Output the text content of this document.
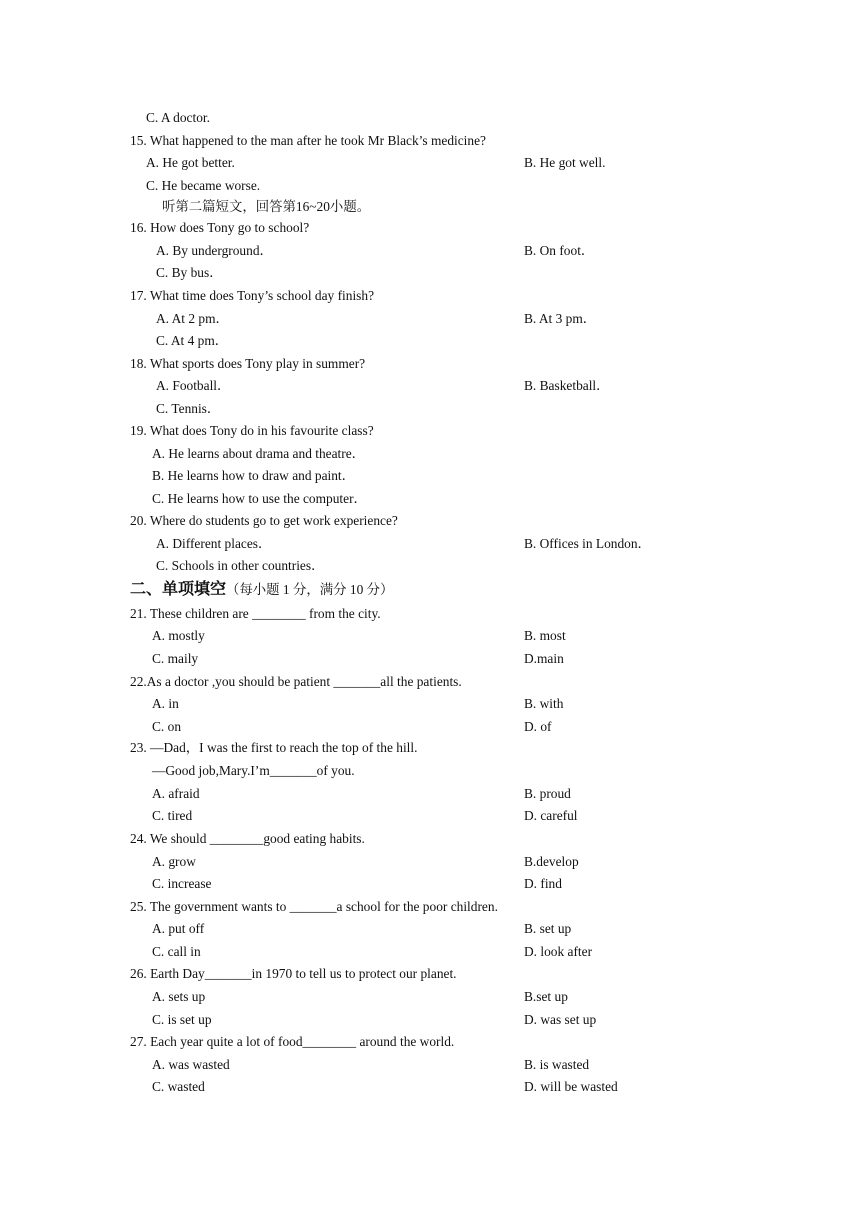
C. A doctor.
15. What happened to the man after he took Mr Black’s medicine?
A. He got better.	B. He got well.
C. He became worse.
听第二篇短文，回答第16~20小题。
16. How does Tony go to school?
A. By underground．	B. On foot．
C. By bus．
17. What time does Tony’s school day finish?
A. At 2 pm．	B. At 3 pm．
C. At 4 pm．
18. What sports does Tony play in summer?
A. Football．	B. Basketball．
C. Tennis．
19. What does Tony do in his favourite class?
A. He learns about drama and theatre．
B. He learns how to draw and paint．
C. He learns how to use the computer．
20. Where do students go to get work experience?
A. Different places．	B. Offices in London．
C. Schools in other countries．
二、单项填空（每小题 1 分，满分 10 分）
21. These children are ________ from the city.
A. mostly	B. most
C. maily	D.main
22.As a doctor ,you should be patient _______all the patients.
A. in	B. with
C. on	D. of
23. —Dad，I was the first to reach the top of the hill.
—Good job,Mary.I’m_______of you.
A. afraid	B. proud
C. tired	D. careful
24. We should ________good eating habits.
A. grow	B.develop
C. increase	D. find
25. The government wants to _______a school for the poor children.
A. put off	B. set up
C. call in	D. look after
26. Earth Day_______in 1970 to tell us to protect our planet.
A. sets up	B.set up
C. is set up	D. was set up
27. Each year quite a lot of food________ around the world.
A. was wasted	B. is wasted
C. wasted	D. will be wasted
